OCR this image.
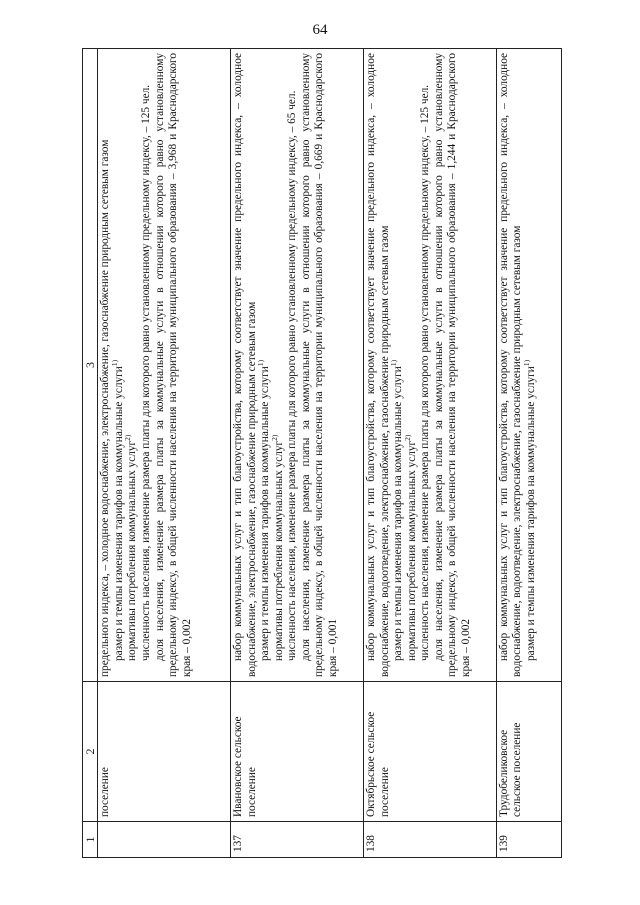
64
1	2	3
	поселение	предельного индекса, – холодное водоснабжение, электроснабжение, газоснабжение природным сетевым газом размер и темпы изменения тарифов на коммунальные услуги$^{1)}$

нормативы потребления коммунальных услуг$^{2)}$ численность населения, изменение размера платы для которого равно установленному предельному индексу, – 125 чел. доля населения, изменение размера платы за коммунальные услуги в отношении которого равно установленному предельному индексу, в общей численности населения на территории муниципального образования – 3,968 и Краснодарского края – 0,002

137	Ивановское сельское поселение	набор коммунальных услуг и тип благоустройства, которому соответствует значение предельного индекса, – холодное водоснабжение, электроснабжение, газоснабжение природным сетевым газом размер и темпы изменения тарифов на коммунальные услуги$^{1)}$

нормативы потребления коммунальных услуг$^{2)}$ численность населения, изменение размера платы для которого равно установленному предельному индексу, – 65 чел. доля населения, изменение размера платы за коммунальные услуги в отношении которого равно установленному предельному индексу, в общей численности населения на территории муниципального образования – 0,669 и Краснодарского края – 0,001

138	Октябрьское сельское поселение	набор коммунальных услуг и тип благоустройства, которому соответствует значение предельного индекса, – холодное водоснабжение, водоотведение, электроснабжение, газоснабжение природным сетевым газом размер и темпы изменения тарифов на коммунальные услуги$^{1)}$

нормативы потребления коммунальных услуг$^{2)}$ численность населения, изменение размера платы для которого равно установленному предельному индексу, – 125 чел. доля населения, изменение размера платы за коммунальные услуги в отношении которого равно установленному предельному индексу, в общей численности населения на территории муниципального образования – 1,244 и Краснодарского края – 0,002

139	Трудобеликовское сельское поселение	набор коммунальных услуг и тип благоустройства, которому соответствует значение предельного индекса, – холодное водоснабжение, водоотведение, электроснабжение, газоснабжение природным сетевым газом размер и темпы изменения тарифов на коммунальные услуги$^{1)}$
